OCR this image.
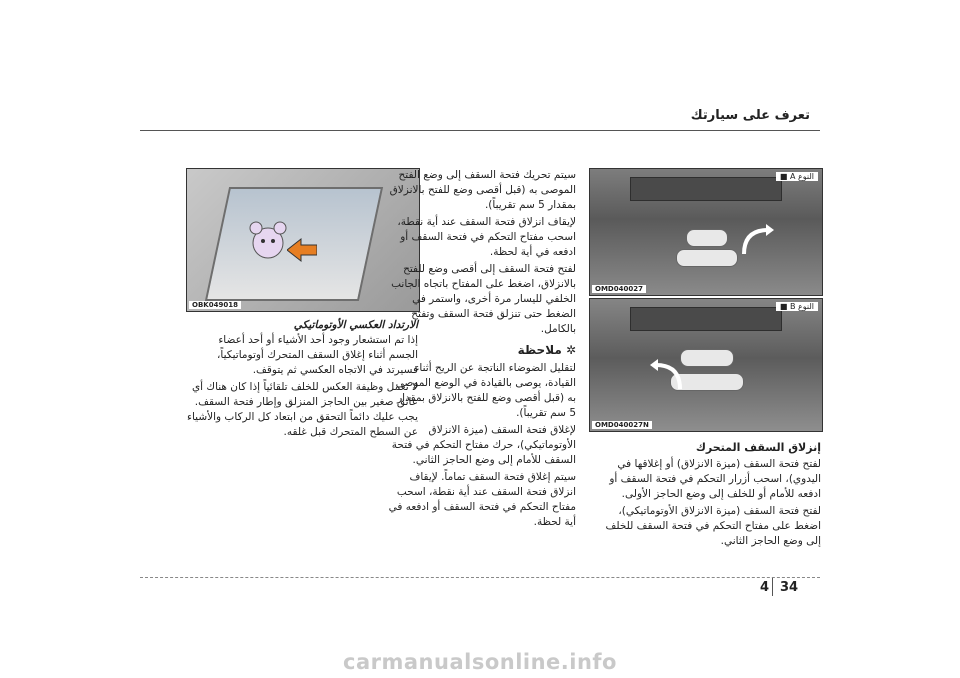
تعرف على سيارتك
النوع A ■
OMD040027
النوع B ■
OMD040027N
OBK049018
إنزلاق السقف المتحرك

لفتح فتحة السقف (ميزة الانزلاق) أو إغلاقها في اليدوي)، اسحب أزرار التحكم في فتحة السقف أو ادفعه للأمام أو للخلف إلى وضع الحاجز الأولى.

لفتح فتحة السقف (ميزة الانزلاق الأوتوماتيكي)، اضغط على مفتاح التحكم في فتحة السقف للخلف إلى وضع الحاجز الثاني.

سيتم تحريك فتحة السقف إلى وضع الفتح الموصى به (قبل أقصى وضع للفتح بالانزلاق بمقدار 5 سم تقريباً).

لإيقاف انزلاق فتحة السقف عند أية نقطة، اسحب مفتاح التحكم في فتحة السقف أو ادفعه في أية لحظة.

لفتح فتحة السقف إلى أقصى وضع للفتح بالانزلاق، اضغط على المفتاح باتجاه الجانب الخلفي لليسار مرة أخرى، واستمر في الضغط حتى تنزلق فتحة السقف وتفتح بالكامل.

✲ ملاحظة

لتقليل الضوضاء الناتجة عن الريح أثناء القيادة، يوصى بالقيادة في الوضع الموصى به (قبل أقصى وضع للفتح بالانزلاق بمقدار 5 سم تقريباً).

لإغلاق فتحة السقف (ميزة الانزلاق الأوتوماتيكي)، حرك مفتاح التحكم في فتحة السقف للأمام إلى وضع الحاجز الثاني.

سيتم إغلاق فتحة السقف تماماً. لإيقاف انزلاق فتحة السقف عند أية نقطة، اسحب مفتاح التحكم في فتحة السقف أو ادفعه في أية لحظة.

الارتداد العكسي الأوتوماتيكي

إذا تم استشعار وجود أحد الأشياء أو أحد أعضاء الجسم أثناء إغلاق السقف المتحرك أوتوماتيكياً، فسيرتد في الاتجاه العكسي ثم يتوقف.

لا تعمل وظيفة العكس للخلف تلقائياً إذا كان هناك أي عائق صغير بين الحاجز المنزلق وإطار فتحة السقف. يجب عليك دائماً التحقق من ابتعاد كل الركاب والأشياء عن السطح المتحرك قبل غلقه.

4 34
carmanualsonline.info
